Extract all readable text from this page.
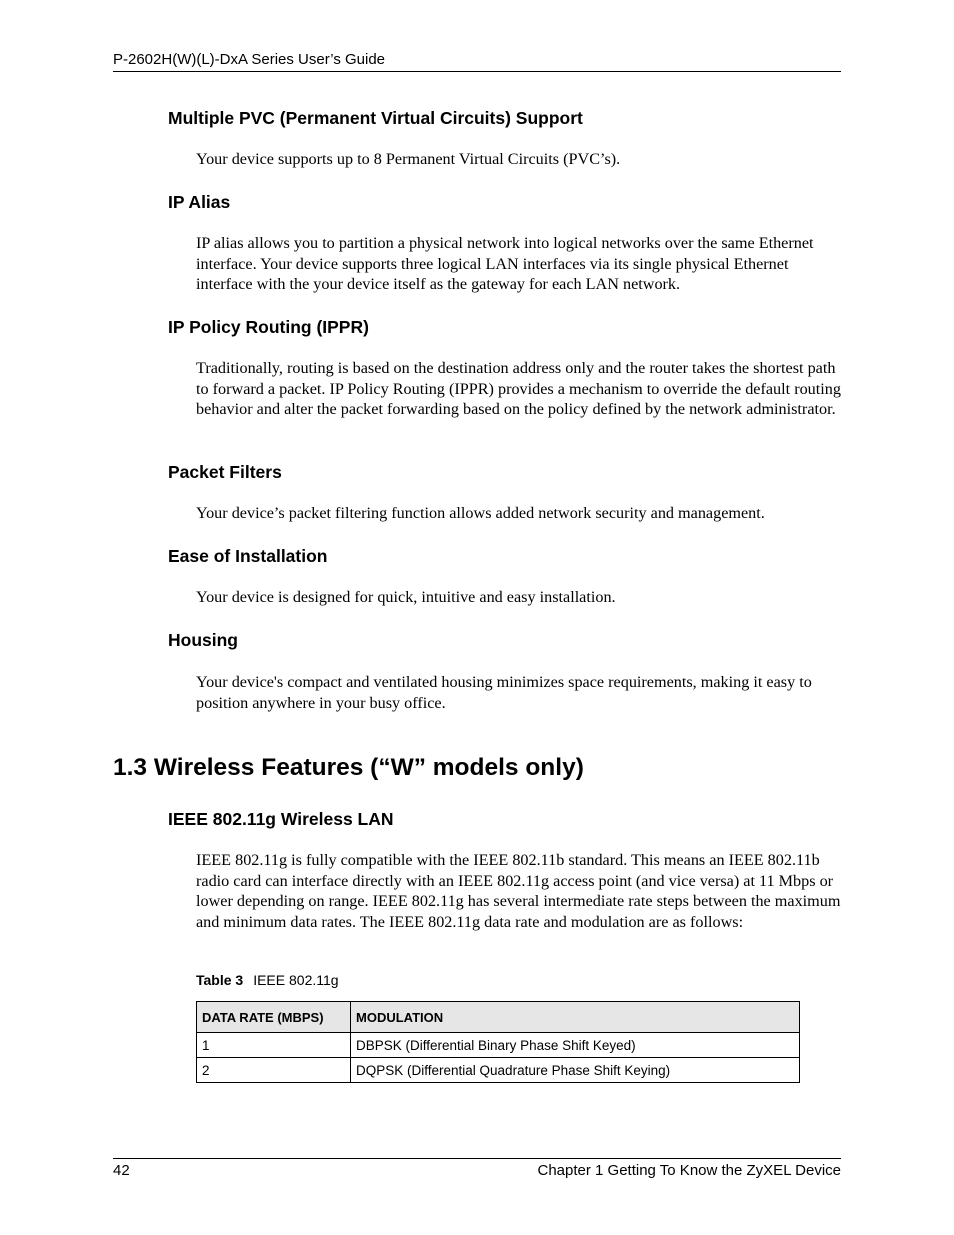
P-2602H(W)(L)-DxA Series User’s Guide
Multiple PVC (Permanent Virtual Circuits) Support

Your device supports up to 8 Permanent Virtual Circuits (PVC’s).

IP Alias

IP alias allows you to partition a physical network into logical networks over the same Ethernet interface. Your device supports three logical LAN interfaces via its single physical Ethernet interface with the your device itself as the gateway for each LAN network.

IP Policy Routing (IPPR)

Traditionally, routing is based on the destination address only and the router takes the shortest path to forward a packet. IP Policy Routing (IPPR) provides a mechanism to override the default routing behavior and alter the packet forwarding based on the policy defined by the network administrator.

Packet Filters

Your device’s packet filtering function allows added network security and management.

Ease of Installation

Your device is designed for quick, intuitive and easy installation.

Housing

Your device's compact and ventilated housing minimizes space requirements, making it easy to position anywhere in your busy office.

1.3 Wireless Features (“W” models only)
IEEE 802.11g Wireless LAN

IEEE 802.11g is fully compatible with the IEEE 802.11b standard. This means an IEEE 802.11b radio card can interface directly with an IEEE 802.11g access point (and vice versa) at 11 Mbps or lower depending on range. IEEE 802.11g has several intermediate rate steps between the maximum and minimum data rates. The IEEE 802.11g data rate and modulation are as follows:

Table 3 IEEE 802.11g
DATA RATE (MBPS)	MODULATION
1	DBPSK (Differential Binary Phase Shift Keyed)
2	DQPSK (Differential Quadrature Phase Shift Keying)
42	Chapter 1 Getting To Know the ZyXEL Device
